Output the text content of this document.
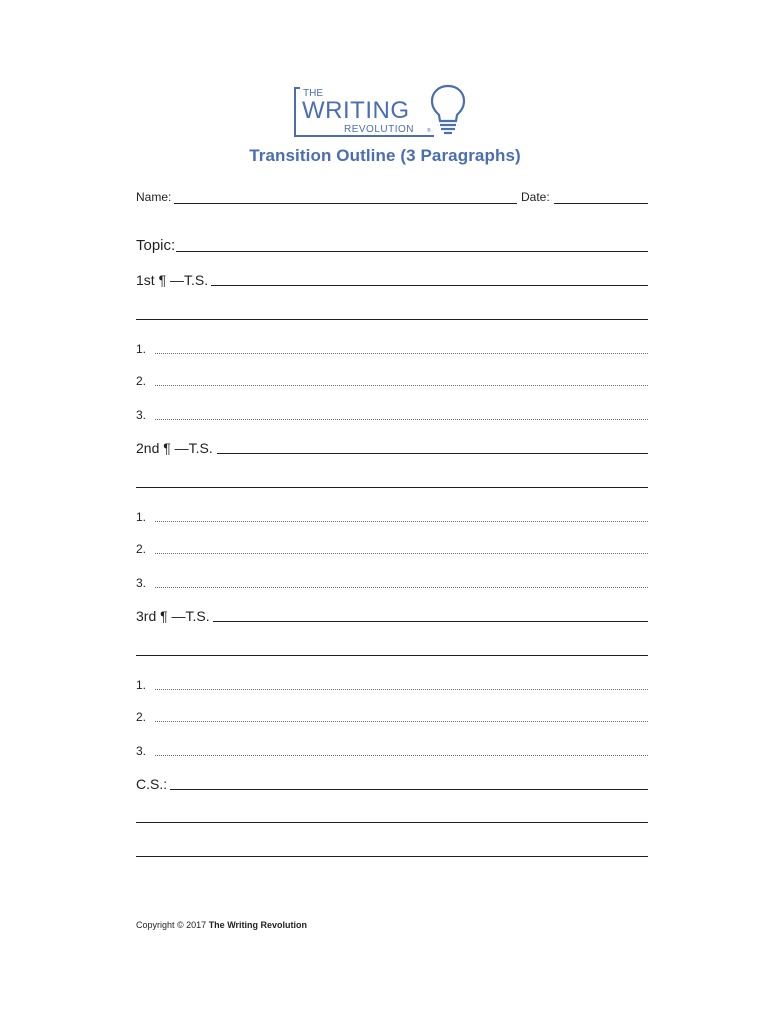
THE
WRITING
REVOLUTION	®
Transition Outline (3 Paragraphs)
Name:	Date:
Topic:
1st ¶ —T.S.
1.
2.
3.
2nd ¶ —T.S.
1.
2.
3.
3rd ¶ —T.S.
1.
2.
3.
C.S.:
Copyright © 2017 The Writing Revolution
